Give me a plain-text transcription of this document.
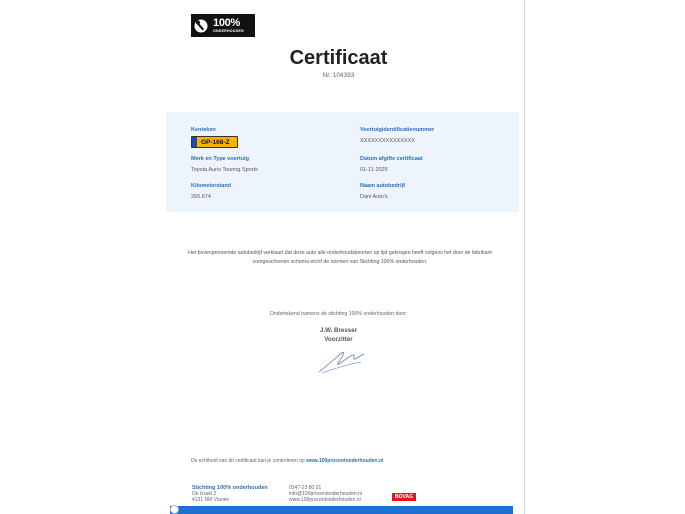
100%
ONDERHOUDEN
Certificaat
Nr. 104393
Kenteken
GP-168-Z
Voertuigidentificatienummer
XXXXXXXXXXXXXXX
Merk en Type voertuig
Toyota Auris Touring Sports
Datum afgifte certificaat
01-11-2025
Kilometerstand
265.674
Naam autobedrijf
Dani Auto's
Het bovengenoemde autobedrijf verklaart dat deze auto alle onderhoudsbeurten op tijd gekregen heeft volgens het door de fabrikant
voorgeschreven schema en/of de normen van Stichting 100% onderhouden.
Ondertekend namens de stichting 100% onderhouden door:
J.W. Bresser
Voorzitter
De echtheid van dit certificaat kan je controleren op www.100procentonderhouden.nl
Stichting 100% onderhouden
De Israël 2
4131 NM Vianen
0347-23 80 01
info@100procentonderhouden.nl
www.100procentonderhouden.nl	BOVAG
